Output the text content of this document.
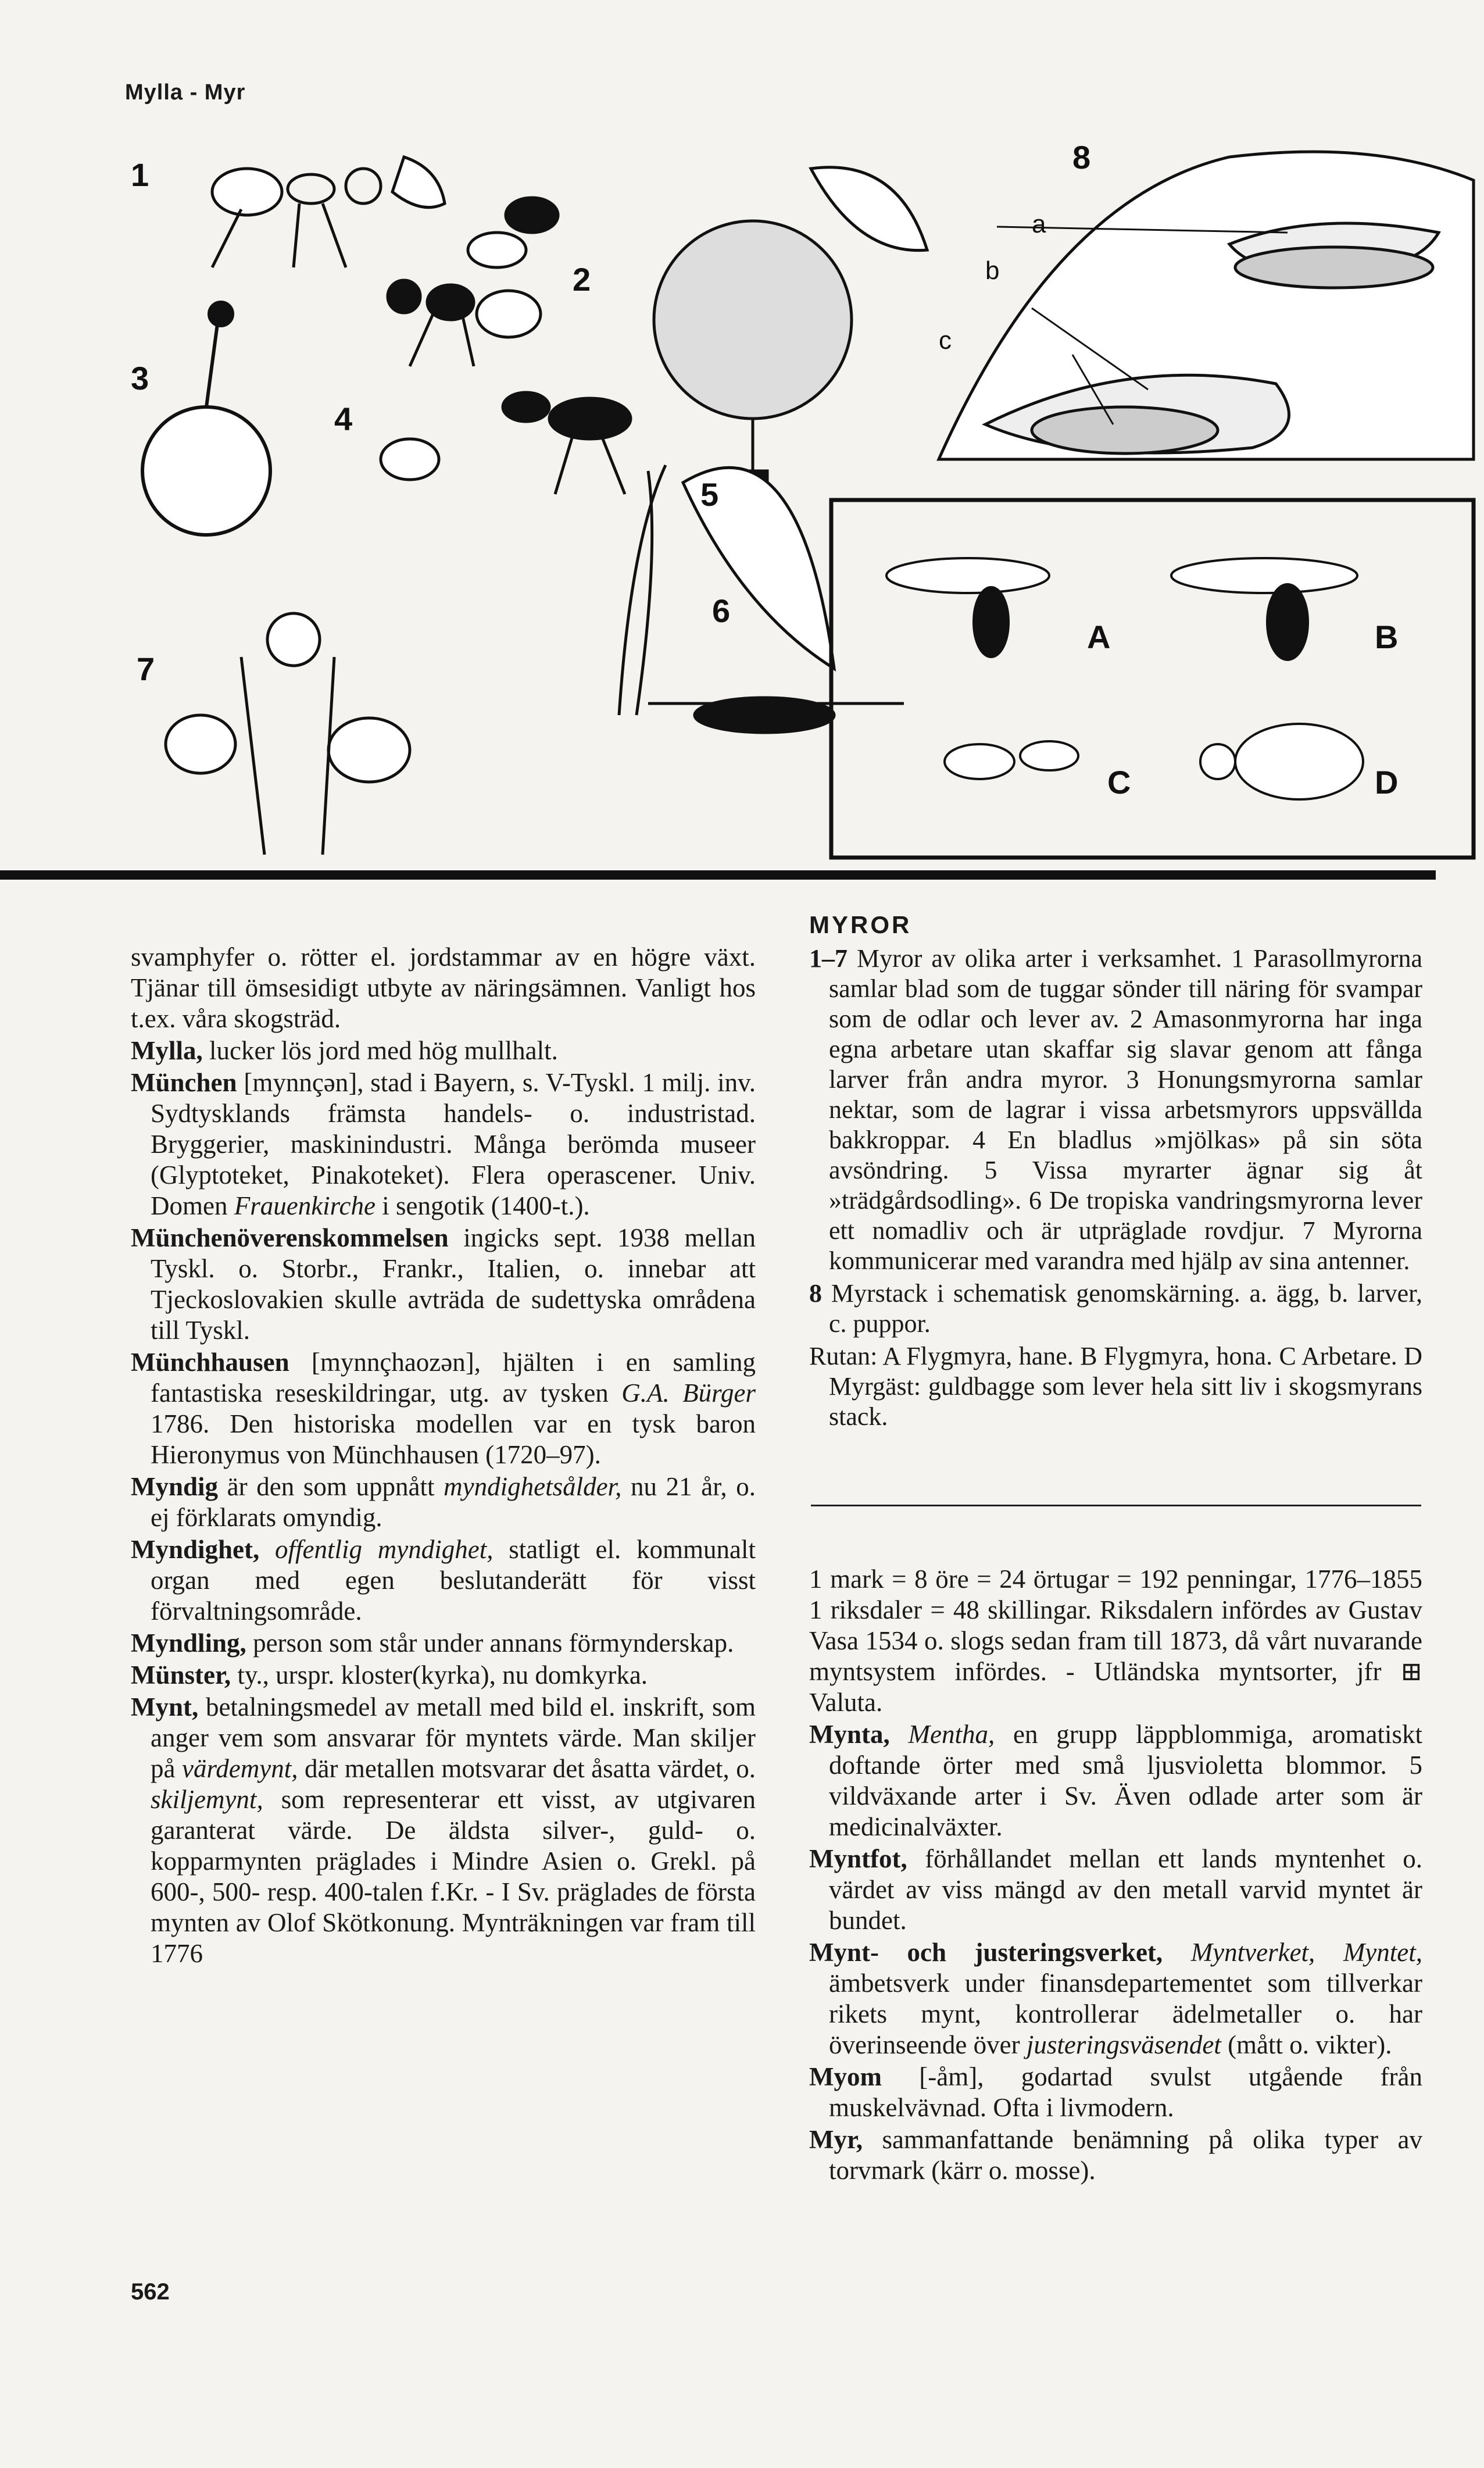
Mylla - Myr
1
2
3
4
5
6
7
8
a
b
c
A	B
C	D
MYROR

1–7 Myror av olika arter i verksamhet. 1 Parasollmyrorna samlar blad som de tuggar sönder till näring för svampar som de odlar och lever av. 2 Amasonmyrorna har inga egna arbetare utan skaffar sig slavar genom att fånga larver från andra myror. 3 Honungsmyrorna samlar nektar, som de lagrar i vissa arbetsmyrors uppsvällda bakkroppar. 4 En bladlus »mjölkas» på sin söta avsöndring. 5 Vissa myrarter ägnar sig åt »trädgårdsodling». 6 De tropiska vandringsmyrorna lever ett nomadliv och är utpräglade rovdjur. 7 Myrorna kommunicerar med varandra med hjälp av sina antenner.

8 Myrstack i schematisk genomskärning. a. ägg, b. larver, c. puppor.

Rutan: A Flygmyra, hane. B Flygmyra, hona. C Arbetare. D Myrgäst: guldbagge som lever hela sitt liv i skogsmyrans stack.

svamphyfer o. rötter el. jordstammar av en högre växt. Tjänar till ömsesidigt utbyte av näringsämnen. Vanligt hos t.ex. våra skogsträd.

Mylla, lucker lös jord med hög mullhalt.

München [mynnçən], stad i Bayern, s. V-Tyskl. 1 milj. inv. Sydtysklands främsta handels- o. industristad. Bryggerier, maskinindustri. Många berömda museer (Glyptoteket, Pinakoteket). Flera operascener. Univ. Domen Frauenkirche i sengotik (1400-t.).

Münchenöverenskommelsen ingicks sept. 1938 mellan Tyskl. o. Storbr., Frankr., Italien, o. innebar att Tjeckoslovakien skulle avträda de sudettyska områdena till Tyskl.

Münchhausen [mynnçhaozən], hjälten i en samling fantastiska reseskildringar, utg. av tysken G.A. Bürger 1786. Den historiska modellen var en tysk baron Hieronymus von Münchhausen (1720–97).

Myndig är den som uppnått myndighetsålder, nu 21 år, o. ej förklarats omyndig.

Myndighet, offentlig myndighet, statligt el. kommunalt organ med egen beslutanderätt för visst förvaltningsområde.

Myndling, person som står under annans förmynderskap.

Münster, ty., urspr. kloster(kyrka), nu domkyrka.

Mynt, betalningsmedel av metall med bild el. inskrift, som anger vem som ansvarar för myntets värde. Man skiljer på värdemynt, där metallen motsvarar det åsatta värdet, o. skiljemynt, som representerar ett visst, av utgivaren garanterat värde. De äldsta silver-, guld- o. kopparmynten präglades i Mindre Asien o. Grekl. på 600-, 500- resp. 400-talen f.Kr. - I Sv. präglades de första mynten av Olof Skötkonung. Mynträkningen var fram till 1776

1 mark = 8 öre = 24 örtugar = 192 penningar, 1776–1855 1 riksdaler = 48 skillingar. Riksdalern infördes av Gustav Vasa 1534 o. slogs sedan fram till 1873, då vårt nuvarande myntsystem infördes. - Utländska myntsorter, jfr ⊞ Valuta.

Mynta, Mentha, en grupp läppblommiga, aromatiskt doftande örter med små ljusvioletta blommor. 5 vildväxande arter i Sv. Även odlade arter som är medicinalväxter.

Myntfot, förhållandet mellan ett lands myntenhet o. värdet av viss mängd av den metall varvid myntet är bundet.

Mynt- och justeringsverket, Myntverket, Myntet, ämbetsverk under finansdepartementet som tillverkar rikets mynt, kontrollerar ädelmetaller o. har överinseende över justeringsväsendet (mått o. vikter).

Myom [-åm], godartad svulst utgående från muskelvävnad. Ofta i livmodern.

Myr, sammanfattande benämning på olika typer av torvmark (kärr o. mosse).

562
